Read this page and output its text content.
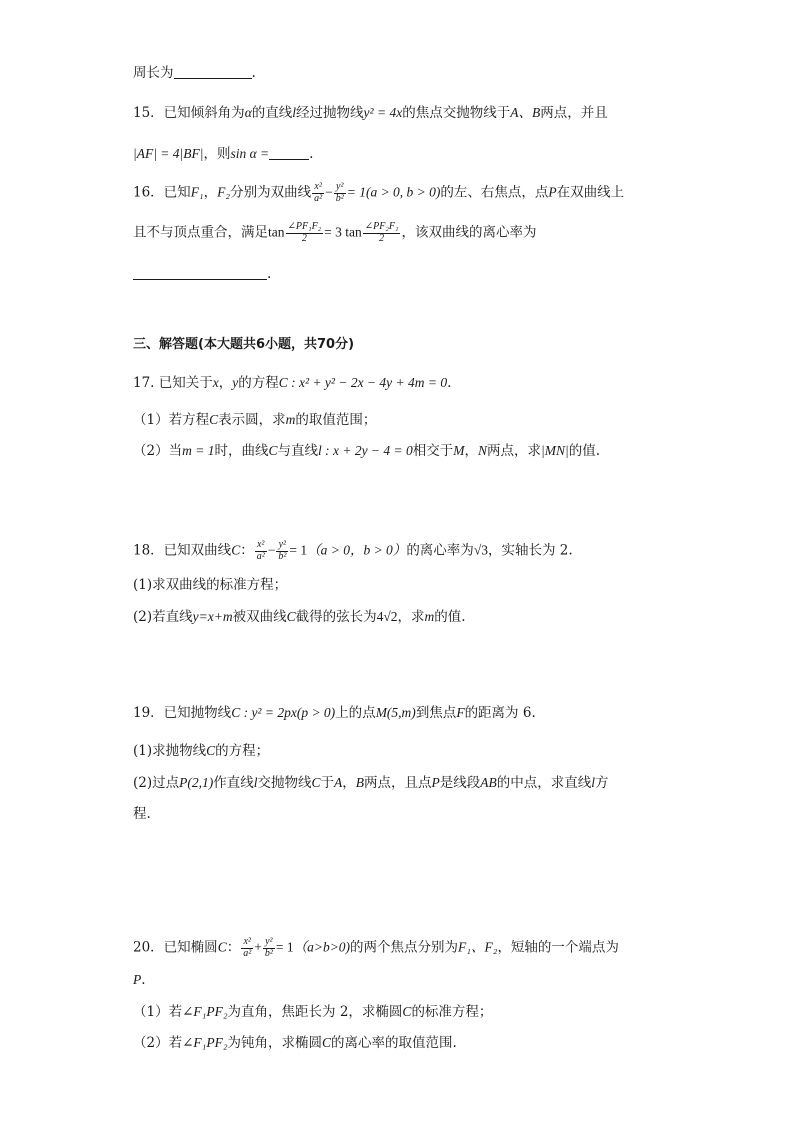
周长为	.
15．已知倾斜角为α的直线l经过抛物线y² = 4x的焦点交抛物线于A、B两点，并且
|AF| = 4|BF|，则sin α =	.
16．已知F₁，F₂分别为双曲线 $\frac{\text{x²}}{\text{a²}} - \frac{\text{y²}}{\text{b²}} = 1(a > 0$, b > 0)的左、右焦点，点P在双曲线上
且不与顶点重合，满足$\tan \frac{\text{∠PF₁F₂}}{2} = 3$ $\tan \frac{\text{∠PF₂F₁}}{2}$ ，该双曲线的离心率为
.
三、解答题(本大题共6小题，共70分)
17. 已知关于x，y的方程C : x² + y² − 2x − 4y + 4m = 0.
（1）若方程C表示圆，求m的取值范围；
（2）当m = 1时，曲线C与直线l : x + 2y − 4 = 0相交于M，N两点，求|MN|的值.
18．已知双曲线C： $\frac{\text{x²}}{\text{a²}} - \frac{\text{y²}}{\text{b²}} = 1(a > 0$，b > 0）的离心率为√3，实轴长为 2.
(1)求双曲线的标准方程；
(2)若直线y=x+m被双曲线C截得的弦长为4√2，求m的值.
19．已知抛物线C : y² = 2px(p > 0)上的点M(5,m)到焦点F的距离为 6.
(1)求抛物线C的方程；
(2)过点P(2,1)作直线l交抛物线C于A，B两点，且点P是线段AB的中点，求直线l方
程.
20．已知椭圆C： $\frac{\text{x²}}{\text{a²}} + \frac{\text{y²}}{\text{b²}} = 1(a>b>0)$的两个焦点分别为F₁、F₂，短轴的一个端点为
P.
（1）若∠F₁PF₂为直角，焦距长为 2，求椭圆C的标准方程；
（2）若∠F₁PF₂为钝角，求椭圆C的离心率的取值范围.
